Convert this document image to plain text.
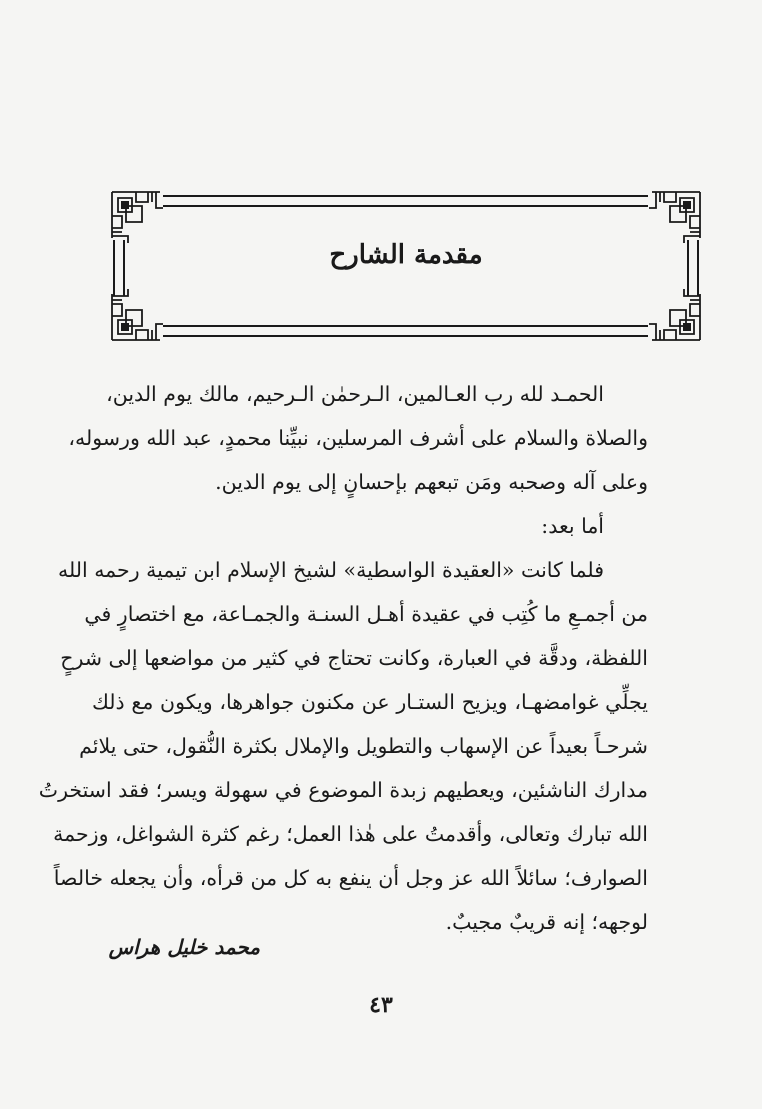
مقدمة الشارح
الحمـد لله رب العـالمين، الـرحمٰن الـرحيم، مالك يوم الدين،
والصلاة والسلام على أشرف المرسلين، نبيِّنا محمدٍ، عبد الله ورسوله،
وعلى آله وصحبه ومَن تبعهم بإحسانٍ إلى يوم الدين.
أما بعد:
فلما كانت «العقيدة الواسطية» لشيخ الإسلام ابن تيمية رحمه الله
من أجمـعِ ما كُتِب في عقيدة أهـل السنـة والجمـاعة، مع اختصارٍ في
اللفظة، ودقَّة في العبارة، وكانت تحتاج في كثير من مواضعها إلى شرحٍ
يجلِّي غوامضهـا، ويزيح الستـار عن مكنون جواهرها، ويكون مع ذلك
شرحـاً بعيداً عن الإسهاب والتطويل والإملال بكثرة النُّقول، حتى يلائم
مدارك الناشئين، ويعطيهم زبدة الموضوع في سهولة ويسر؛ فقد استخرتُ
الله تبارك وتعالى، وأقدمتُ على هٰذا العمل؛ رغم كثرة الشواغل، وزحمة
الصوارف؛ سائلاً الله عز وجل أن ينفع به كل من قرأه، وأن يجعله خالصاً
لوجهه؛ إنه قريبٌ مجيبٌ.
محمد خليل هراس
٤٣
